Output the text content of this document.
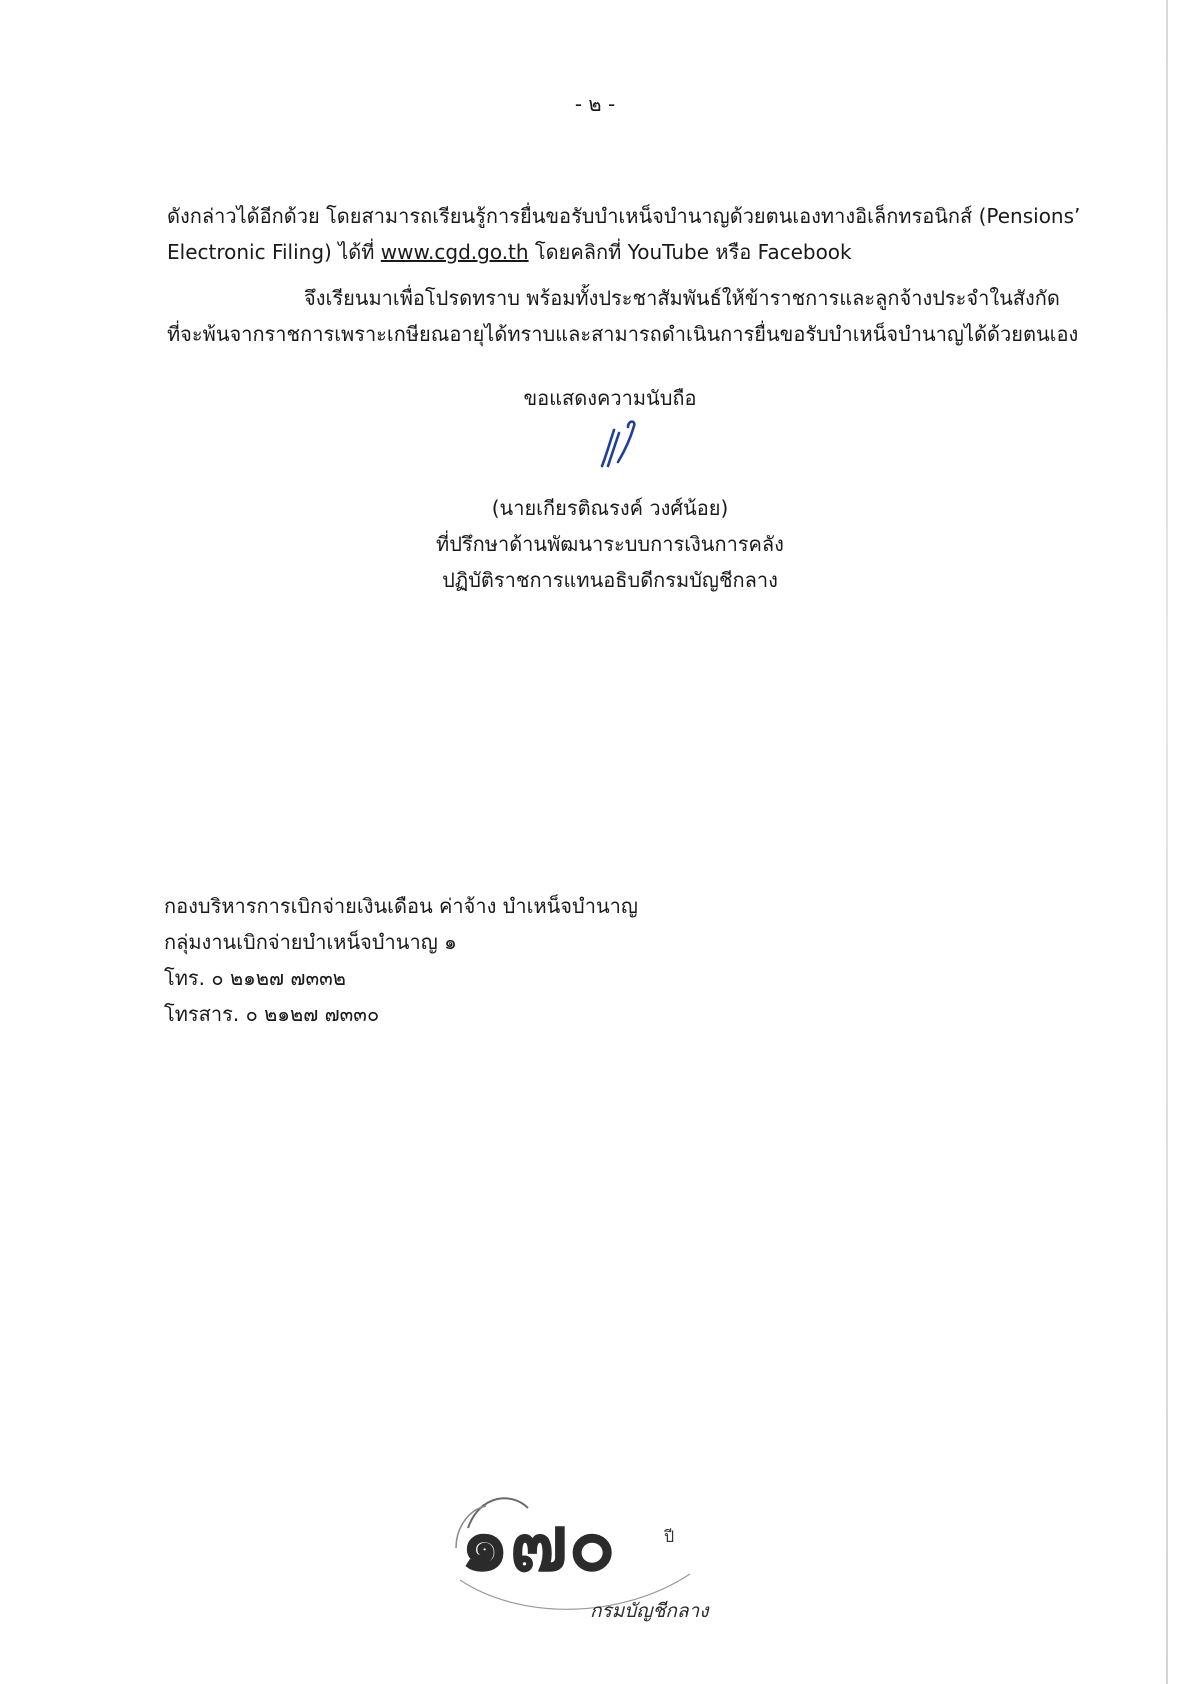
- ๒ -
ดังกล่าวได้อีกด้วย โดยสามารถเรียนรู้การยื่นขอรับบำเหน็จบำนาญด้วยตนเองทางอิเล็กทรอนิกส์ (Pensions’
Electronic Filing) ได้ที่ www.cgd.go.th โดยคลิกที่ YouTube หรือ Facebook
จึงเรียนมาเพื่อโปรดทราบ พร้อมทั้งประชาสัมพันธ์ให้ข้าราชการและลูกจ้างประจำในสังกัด
ที่จะพ้นจากราชการเพราะเกษียณอายุได้ทราบและสามารถดำเนินการยื่นขอรับบำเหน็จบำนาญได้ด้วยตนเอง
ขอแสดงความนับถือ
(นายเกียรติณรงค์ วงศ์น้อย)
ที่ปรึกษาด้านพัฒนาระบบการเงินการคลัง
ปฏิบัติราชการแทนอธิบดีกรมบัญชีกลาง
กองบริหารการเบิกจ่ายเงินเดือน ค่าจ้าง บำเหน็จบำนาญ
กลุ่มงานเบิกจ่ายบำเหน็จบำนาญ ๑
โทร. ๐ ๒๑๒๗ ๗๓๓๒
โทรสาร. ๐ ๒๑๒๗ ๗๓๓๐
๑๗๐	ปี
กรมบัญชีกลาง
